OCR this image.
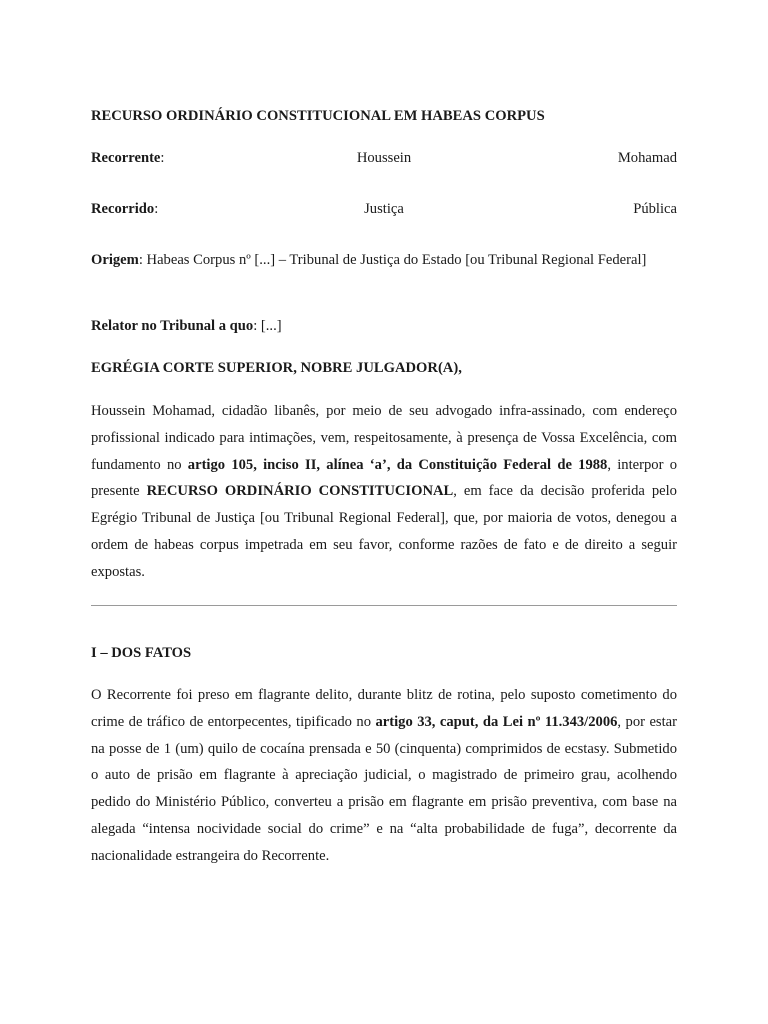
RECURSO ORDINÁRIO CONSTITUCIONAL EM HABEAS CORPUS
Recorrente:	Houssein	Mohamad
Recorrido:	Justiça	Pública
Origem: Habeas Corpus nº [...] – Tribunal de Justiça do Estado [ou Tribunal Regional Federal]
Relator no Tribunal a quo: [...]
EGRÉGIA CORTE SUPERIOR, NOBRE JULGADOR(A),
Houssein Mohamad, cidadão libanês, por meio de seu advogado infra-assinado, com endereço profissional indicado para intimações, vem, respeitosamente, à presença de Vossa Excelência, com fundamento no artigo 105, inciso II, alínea ‘a’, da Constituição Federal de 1988, interpor o presente RECURSO ORDINÁRIO CONSTITUCIONAL, em face da decisão proferida pelo Egrégio Tribunal de Justiça [ou Tribunal Regional Federal], que, por maioria de votos, denegou a ordem de habeas corpus impetrada em seu favor, conforme razões de fato e de direito a seguir expostas.
I – DOS FATOS
O Recorrente foi preso em flagrante delito, durante blitz de rotina, pelo suposto cometimento do crime de tráfico de entorpecentes, tipificado no artigo 33, caput, da Lei nº 11.343/2006, por estar na posse de 1 (um) quilo de cocaína prensada e 50 (cinquenta) comprimidos de ecstasy. Submetido o auto de prisão em flagrante à apreciação judicial, o magistrado de primeiro grau, acolhendo pedido do Ministério Público, converteu a prisão em flagrante em prisão preventiva, com base na alegada “intensa nocividade social do crime” e na “alta probabilidade de fuga”, decorrente da nacionalidade estrangeira do Recorrente.
